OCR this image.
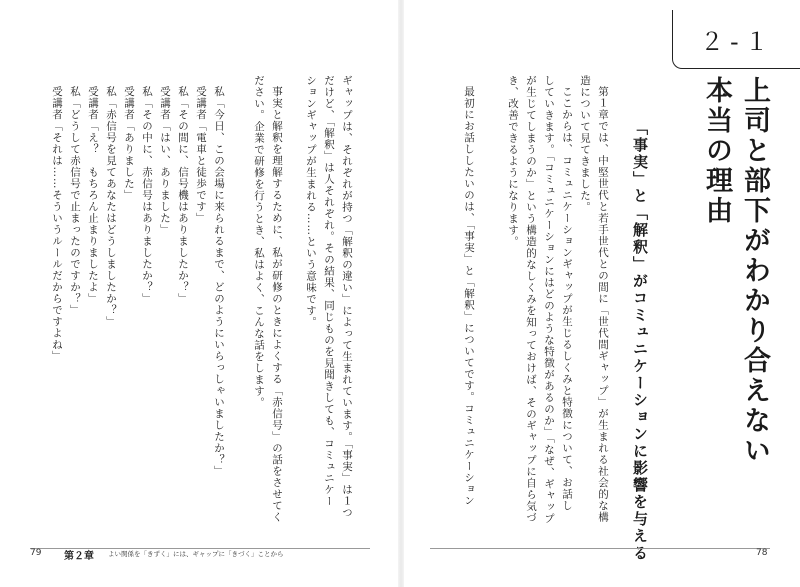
２-１
上司と部下がわかり合えない
本当の理由
「事実」と「解釈」がコミュニケーションに影響を与える
第１章では、中堅世代と若手世代との間に「世代間ギャップ」が生まれる社会的な構
造について見てきました。
ここからは、コミュニケーションギャップが生じるしくみと特徴について、お話し
していきます。「コミュニケーションにはどのような特徴があるのか」「なぜ、ギャップ
が生じてしまうのか」という構造的なしくみを知っておけば、そのギャップに自ら気づ
き、改善できるようになります。
最初にお話ししたいのは、「事実」と「解釈」についてです。コミュニケーション
ギャップは、それぞれが持つ「解釈の違い」によって生まれています。「事実」は１つ
だけど、「解釈」は人それぞれ。その結果、同じものを見聞きしても、コミュニケー
ションギャップが生まれる……という意味です。
事実と解釈を理解するために、私が研修のときによくする「赤信号」の話をさせてく
ださい。企業で研修を行うとき、私はよく、こんな話をします。
私「今日、この会場に来られるまで、どのようにいらっしゃいましたか？」
受講者「電車と徒歩です」
私「その間に、信号機はありましたか？」
受講者「はい、ありました」
私「その中に、赤信号はありましたか？」
受講者「ありました」
私「赤信号を見てあなたはどうしましたか？」
受講者「え？　もちろん止まりましたよ」
私「どうして赤信号で止まったのですか？」
受講者「それは……そういうルールだからですよね」
79 第２章 よい関係を「きずく」には、ギャップに「きづく」ことから	78
